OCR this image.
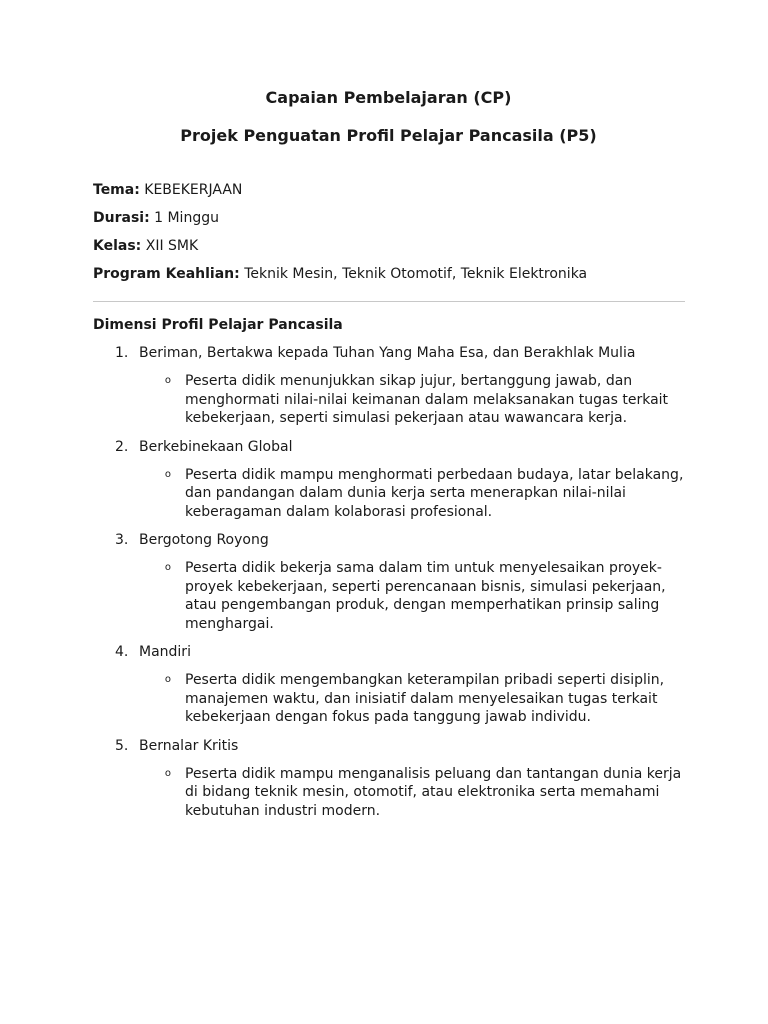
Capaian Pembelajaran (CP)
Projek Penguatan Profil Pelajar Pancasila (P5)

Tema: KEBEKERJAAN

Durasi: 1 Minggu

Kelas: XII SMK

Program Keahlian: Teknik Mesin, Teknik Otomotif, Teknik Elektronika

Dimensi Profil Pelajar Pancasila

1. Beriman, Bertakwa kepada Tuhan Yang Maha Esa, dan Berakhlak Mulia
o	Peserta didik menunjukkan sikap jujur, bertanggung jawab, dan menghormati nilai-nilai keimanan dalam melaksanakan tugas terkait kebekerjaan, seperti simulasi pekerjaan atau wawancara kerja.
2. Berkebinekaan Global
o	Peserta didik mampu menghormati perbedaan budaya, latar belakang, dan pandangan dalam dunia kerja serta menerapkan nilai-nilai keberagaman dalam kolaborasi profesional.
3. Bergotong Royong
o	Peserta didik bekerja sama dalam tim untuk menyelesaikan proyek-proyek kebekerjaan, seperti perencanaan bisnis, simulasi pekerjaan, atau pengembangan produk, dengan memperhatikan prinsip saling menghargai.
4. Mandiri
o	Peserta didik mengembangkan keterampilan pribadi seperti disiplin, manajemen waktu, dan inisiatif dalam menyelesaikan tugas terkait kebekerjaan dengan fokus pada tanggung jawab individu.
5. Bernalar Kritis
o	Peserta didik mampu menganalisis peluang dan tantangan dunia kerja di bidang teknik mesin, otomotif, atau elektronika serta memahami kebutuhan industri modern.
